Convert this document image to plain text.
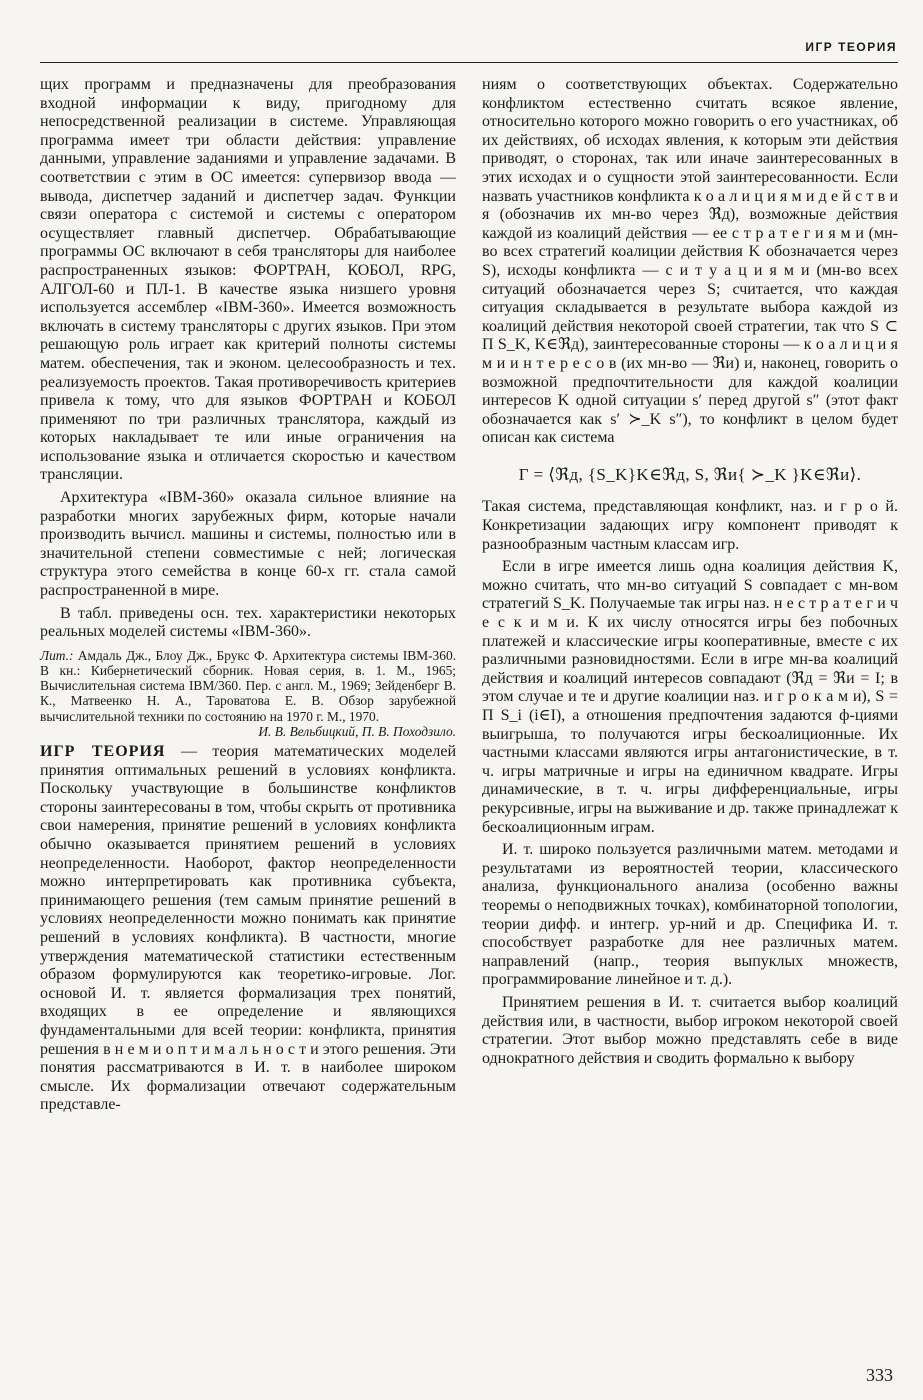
ИГР ТЕОРИЯ

щих программ и предназначены для преобразования входной информации к виду, пригодному для непосредственной реализации в системе. Управляющая программа имеет три области действия: управление данными, управление заданиями и управление задачами. В соответствии с этим в ОС имеется: супервизор ввода — вывода, диспетчер заданий и диспетчер задач. Функции связи оператора с системой и системы с оператором осуществляет главный диспетчер. Обрабатывающие программы ОС включают в себя трансляторы для наиболее распространенных языков: ФОРТРАН, КОБОЛ, RPG, АЛГОЛ-60 и ПЛ-1. В качестве языка низшего уровня используется ассемблер «IBM-360». Имеется возможность включать в систему трансляторы с других языков. При этом решающую роль играет как критерий полноты системы матем. обеспечения, так и эконом. целесообразность и тех. реализуемость проектов. Такая противоречивость критериев привела к тому, что для языков ФОРТРАН и КОБОЛ применяют по три различных транслятора, каждый из которых накладывает те или иные ограничения на использование языка и отличается скоростью и качеством трансляции.

Архитектура «IBM-360» оказала сильное влияние на разработки многих зарубежных фирм, которые начали производить вычисл. машины и системы, полностью или в значительной степени совместимые с ней; логическая структура этого семейства в конце 60-х гг. стала самой распространенной в мире.

В табл. приведены осн. тех. характеристики некоторых реальных моделей системы «IBM-360».

Лит.: Амдаль Дж., Блоу Дж., Брукс Ф. Архитектура системы IBM-360. В кн.: Кибернетический сборник. Новая серия, в. 1. М., 1965; Вычислительная система IBM/360. Пер. с англ. М., 1969; Зейденберг В. К., Матвеенко Н. А., Тароватова Е. В. Обзор зарубежной вычислительной техники по состоянию на 1970 г. М., 1970.

И. В. Вельбицкий, П. В. Походзило.

ИГР ТЕОРИЯ — теория математических моделей принятия оптимальных решений в условиях конфликта. Поскольку участвующие в большинстве конфликтов стороны заинтересованы в том, чтобы скрыть от противника свои намерения, принятие решений в условиях конфликта обычно оказывается принятием решений в условиях неопределенности. Наоборот, фактор неопределенности можно интерпретировать как противника субъекта, принимающего решения (тем самым принятие решений в условиях неопределенности можно понимать как принятие решений в условиях конфликта). В частности, многие утверждения математической статистики естественным образом формулируются как теоретико-игровые. Лог. основой И. т. является формализация трех понятий, входящих в ее определение и являющихся фундаментальными для всей теории: конфликта, принятия решения в н е м и о п т и м а л ь н о с т и этого решения. Эти понятия рассматриваются в И. т. в наиболее широком смысле. Их формализации отвечают содержательным представле-

ниям о соответствующих объектах. Содержательно конфликтом естественно считать всякое явление, относительно которого можно говорить о его участниках, об их действиях, об исходах явления, к которым эти действия приводят, о сторонах, так или иначе заинтересованных в этих исходах и о сущности этой заинтересованности. Если назвать участников конфликта к о а л и ц и я м и д е й с т в и я (обозначив их мн-во через ℜд), возможные действия каждой из коалиций действия — ее с т р а т е г и я м и (мн-во всех стратегий коалиции действия K обозначается через S), исходы конфликта — с и т у а ц и я м и (мн-во всех ситуаций обозначается через S; считается, что каждая ситуация складывается в результате выбора каждой из коалиций действия некоторой своей стратегии, так что S ⊂ Π S_K, K∈ℜд), заинтересованные стороны — к о а л и ц и я м и и н т е р е с о в (их мн-во — ℜи) и, наконец, говорить о возможной предпочтительности для каждой коалиции интересов K одной ситуации s′ перед другой s″ (этот факт обозначается как s′ ≻_K s″), то конфликт в целом будет описан как система

Γ = ⟨ℜд, {S_K}K∈ℜд, S, ℜи{ ≻_K }K∈ℜи⟩.

Такая система, представляющая конфликт, наз. и г р о й. Конкретизации задающих игру компонент приводят к разнообразным частным классам игр.

Если в игре имеется лишь одна коалиция действия K, можно считать, что мн-во ситуаций S совпадает с мн-вом стратегий S_K. Получаемые так игры наз. н е с т р а т е г и ч е с к и м и. К их числу относятся игры без побочных платежей и классические игры кооперативные, вместе с их различными разновидностями. Если в игре мн-ва коалиций действия и коалиций интересов совпадают (ℜд = ℜи = I; в этом случае и те и другие коалиции наз. и г р о к а м и), S = Π S_i (i∈I), а отношения предпочтения задаются ф-циями выигрыша, то получаются игры бескоалиционные. Их частными классами являются игры антагонистические, в т. ч. игры матричные и игры на единичном квадрате. Игры динамические, в т. ч. игры дифференциальные, игры рекурсивные, игры на выживание и др. также принадлежат к бескоалиционным играм.

И. т. широко пользуется различными матем. методами и результатами из вероятностей теории, классического анализа, функционального анализа (особенно важны теоремы о неподвижных точках), комбинаторной топологии, теории дифф. и интегр. ур-ний и др. Специфика И. т. способствует разработке для нее различных матем. направлений (напр., теория выпуклых множеств, программирование линейное и т. д.).

Принятием решения в И. т. считается выбор коалиций действия или, в частности, выбор игроком некоторой своей стратегии. Этот выбор можно представлять себе в виде однократного действия и сводить формально к выбору

333
